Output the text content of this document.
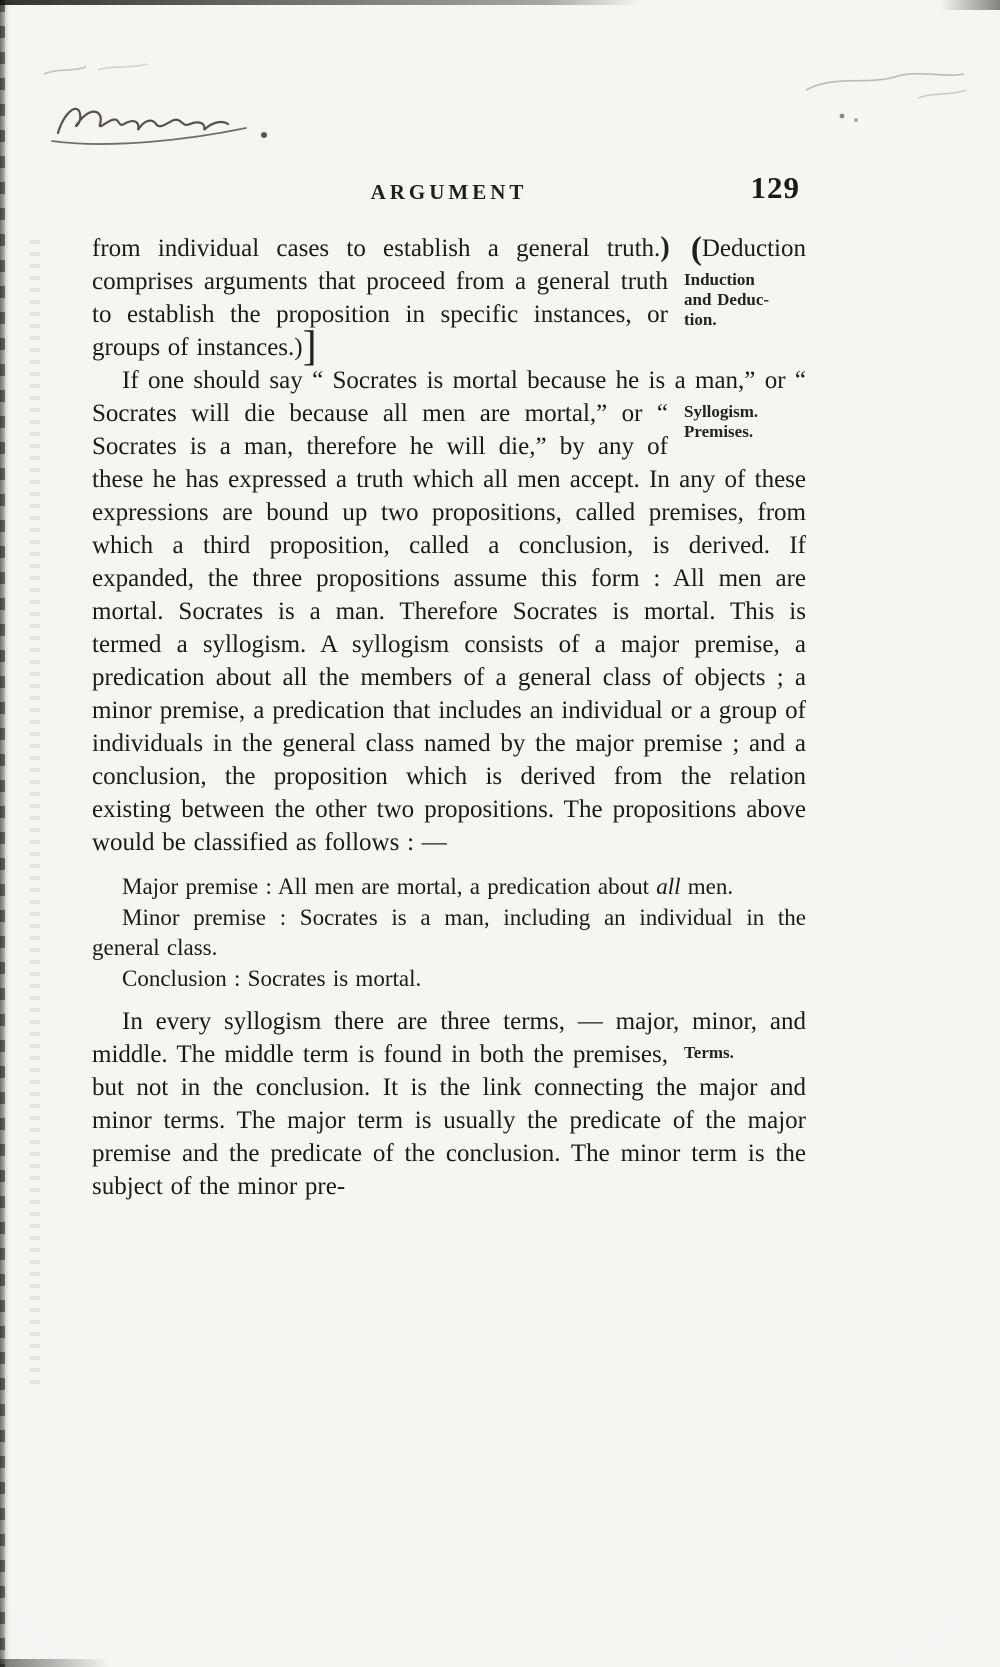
ARGUMENT	129

from individual cases to establish a general truth.) (Deduction comprises arguments that proceed	Induction
and Deduc-
tion.
from a general truth to establish the proposition in specific instances, or groups of instances.)]

If one should say “ Socrates is mortal because he is a man,” or “ Socrates will die because all	Syllogism.
Premises.
men are mortal,” or “ Socrates is a man, therefore he will die,” by any of these he has expressed a truth which all men accept. In any of these expressions are bound up two propositions, called premises, from which a third proposition, called a conclusion, is derived. If expanded, the three propositions assume this form : All men are mortal. Socrates is a man. Therefore Socrates is mortal. This is termed a syllogism. A syllogism consists of a major premise, a predication about all the members of a general class of objects ; a minor premise, a predication that includes an individual or a group of individuals in the general class named by the major premise ; and a conclusion, the proposition which is derived from the relation existing between the other two propositions. The propositions above would be classified as follows : —

Major premise : All men are mortal, a predication about all men.

Minor premise : Socrates is a man, including an individual in the general class.

Conclusion : Socrates is mortal.

In every syllogism there are three terms, — major, minor, and middle. The middle term is	Terms.
found in both the premises, but not in the conclusion. It is the link connecting the major and minor terms. The major term is usually the predicate of the major premise and the predicate of the conclusion. The minor term is the subject of the minor pre-
